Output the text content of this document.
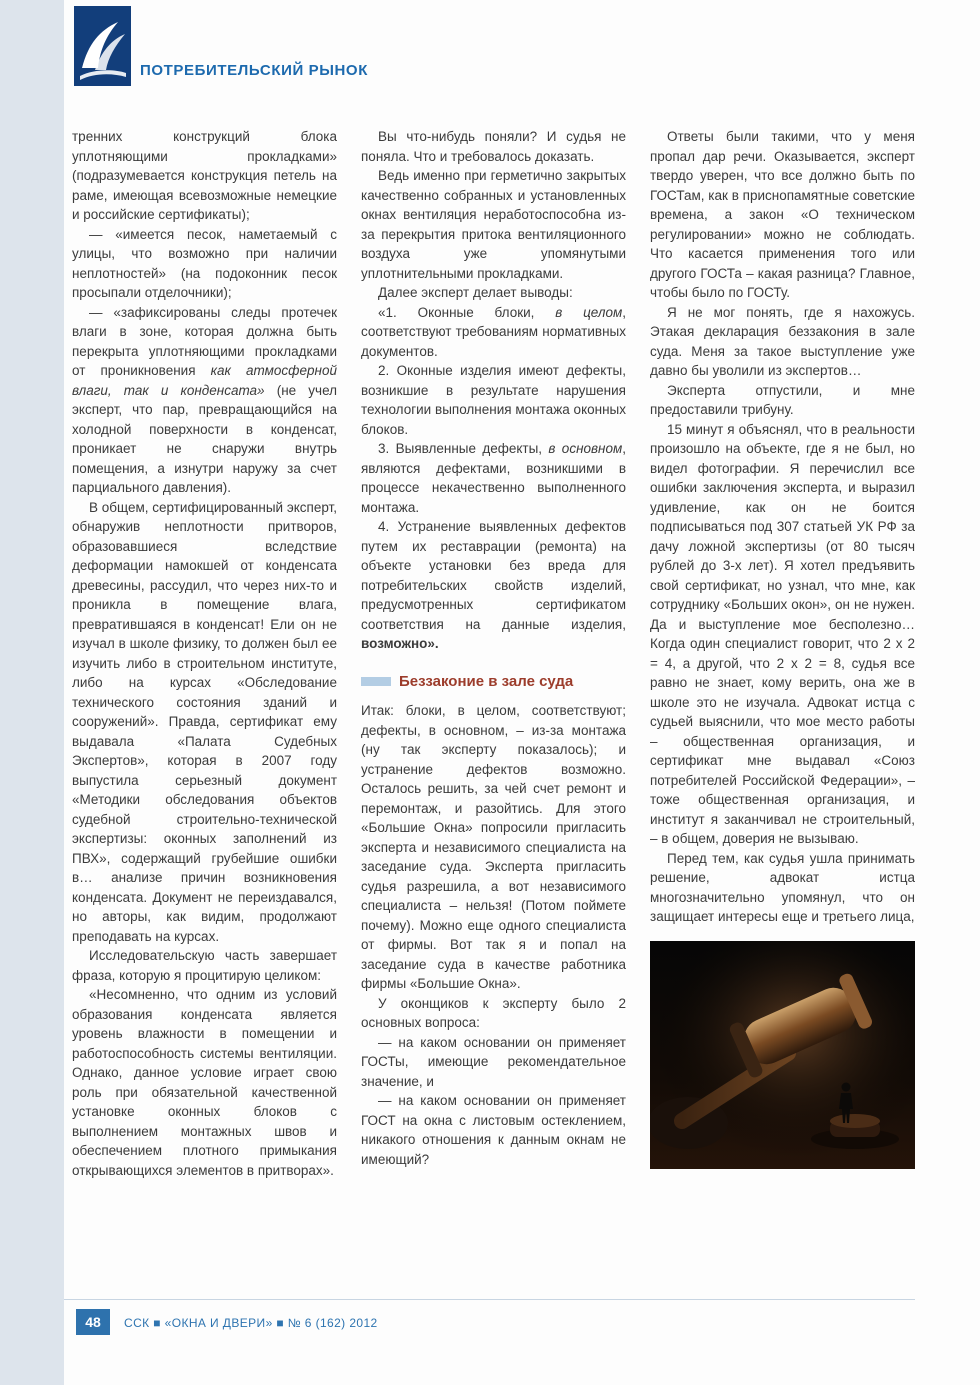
ПОТРЕБИТЕЛЬСКИЙ РЫНОК

тренних конструкций блока уплотняющими прокладками» (подразумевается конструкция петель на раме, имеющая всевозможные немецкие и российские сертификаты);

— «имеется песок, наметаемый с улицы, что возможно при наличии неплотностей» (на подоконник песок просыпали отделочники);

— «зафиксированы следы протечек влаги в зоне, которая должна быть перекрыта уплотняющими прокладками от проникновения как атмосферной влаги, так и конденсата» (не учел эксперт, что пар, превращающийся на холодной поверхности в конденсат, проникает не снаружи внутрь помещения, а изнутри наружу за счет парциального давления).

В общем, сертифицированный эксперт, обнаружив неплотности притворов, образовавшиеся вследствие деформации намокшей от конденсата древесины, рассудил, что через них-то и проникла в помещение влага, превратившаяся в конденсат! Ели он не изучал в школе физику, то должен был ее изучить либо в строительном институте, либо на курсах «Обследование технического состояния зданий и сооружений». Правда, сертификат ему выдавала «Палата Судебных Экспертов», которая в 2007 году выпустила серьезный документ «Методики обследования объектов судебной строительно-технической экспертизы: оконных заполнений из ПВХ», содержащий грубейшие ошибки в… анализе причин возникновения конденсата. Документ не переиздавался, но авторы, как видим, продолжают преподавать на курсах.

Исследовательскую часть завершает фраза, которую я процитирую целиком:

«Несомненно, что одним из условий образования конденсата является уровень влажности в помещении и работоспособность системы вентиляции. Однако, данное условие играет свою роль при обязательной качественной установке оконных блоков с выполнением монтажных швов и обеспечением плотного примыкания открывающихся элементов в притворах».

Вы что-нибудь поняли? И судья не поняла. Что и требовалось доказать.

Ведь именно при герметично закрытых качественно собранных и установленных окнах вентиляция неработоспособна из-за перекрытия притока вентиляционного воздуха уже упомянутыми уплотнительными прокладками.

Далее эксперт делает выводы:

«1. Оконные блоки, в целом, соответствуют требованиям нормативных документов.

2. Оконные изделия имеют дефекты, возникшие в результате нарушения технологии выполнения монтажа оконных блоков.

3. Выявленные дефекты, в основном, являются дефектами, возникшими в процессе некачественно выполненного монтажа.

4. Устранение выявленных дефектов путем их реставрации (ремонта) на объекте установки без вреда для потребительских свойств изделий, предусмотренных сертификатом соответствия на данные изделия, возможно».

Беззаконие в зале суда

Итак: блоки, в целом, соответствуют; дефекты, в основном, – из-за монтажа (ну так эксперту показалось); и устранение дефектов возможно. Осталось решить, за чей счет ремонт и перемонтаж, и разойтись. Для этого «Большие Окна» попросили пригласить эксперта и независимого специалиста на заседание суда. Эксперта пригласить судья разрешила, а вот независимого специалиста – нельзя! (Потом поймете почему). Можно еще одного специалиста от фирмы. Вот так я и попал на заседание суда в качестве работника фирмы «Большие Окна».

У оконщиков к эксперту было 2 основных вопроса:

— на каком основании он применяет ГОСТы, имеющие рекомендательное значение, и

— на каком основании он применяет ГОСТ на окна с листовым остеклением, никакого отношения к данным окнам не имеющий?

Ответы были такими, что у меня пропал дар речи. Оказывается, эксперт твердо уверен, что все должно быть по ГОСТам, как в приснопамятные советские времена, а закон «О техническом регулировании» можно не соблюдать. Что касается применения того или другого ГОСТа – какая разница? Главное, чтобы было по ГОСТу.

Я не мог понять, где я нахожусь. Этакая декларация беззакония в зале суда. Меня за такое выступление уже давно бы уволили из экспертов…

Эксперта отпустили, и мне предоставили трибуну.

15 минут я объяснял, что в реальности произошло на объекте, где я не был, но видел фотографии. Я перечислил все ошибки заключения эксперта, и выразил удивление, как он не боится подписываться под 307 статьей УК РФ за дачу ложной экспертизы (от 80 тысяч рублей до 3-х лет). Я хотел предъявить свой сертификат, но узнал, что мне, как сотруднику «Больших окон», он не нужен. Да и выступление мое бесполезно… Когда один специалист говорит, что 2 х 2 = 4, а другой, что 2 х 2 = 8, судья все равно не знает, кому верить, она же в школе это не изучала. Адвокат истца с судьей выяснили, что мое место работы – общественная организация, и сертификат мне выдавал «Союз потребителей Российской Федерации», – тоже общественная организация, и институт я заканчивал не строительный, – в общем, доверия не вызываю.

Перед тем, как судья ушла принимать решение, адвокат истца многозначительно упомянул, что он защищает интересы еще и третьего лица,

48	ССК ■ «ОКНА И ДВЕРИ» ■ № 6 (162) 2012
